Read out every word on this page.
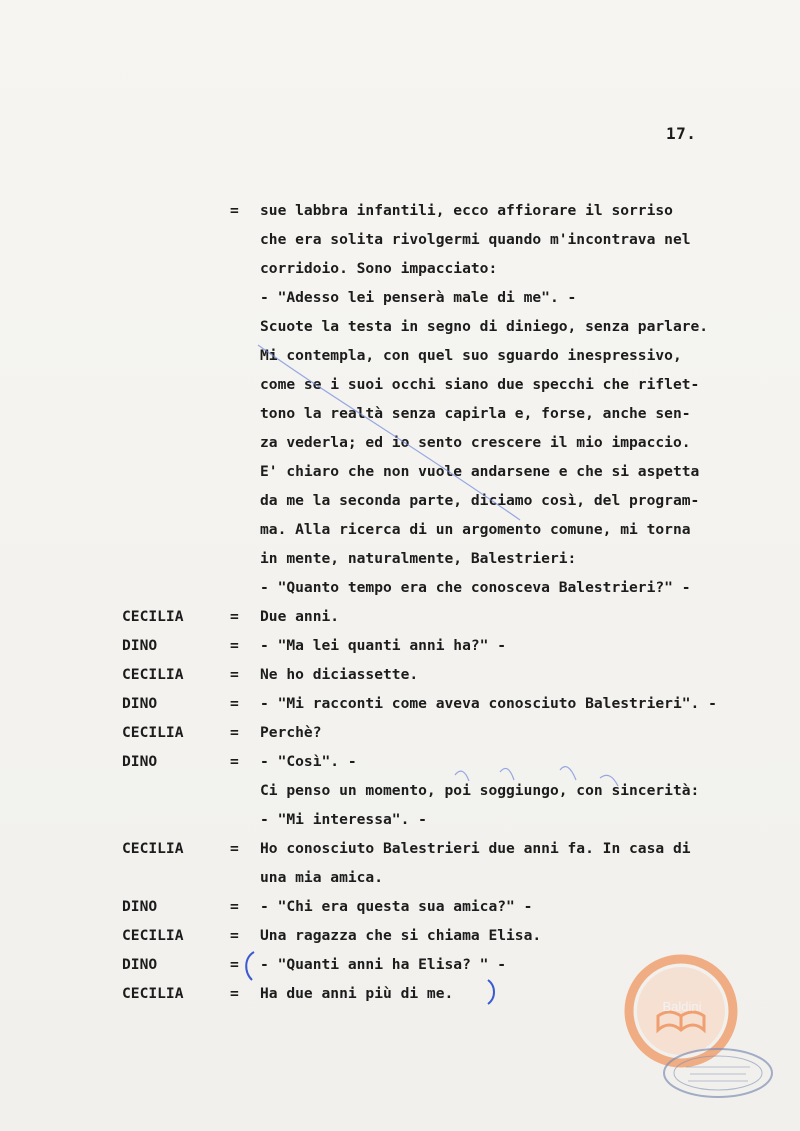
17.
= sue labbra infantili, ecco affiorare il sorriso
che era solita rivolgermi quando m'incontrava nel
corridoio. Sono impacciato:
- "Adesso lei penserà male di me". -
Scuote la testa in segno di diniego, senza parlare.
Mi contempla, con quel suo sguardo inespressivo,
come se i suoi occhi siano due specchi che riflet-
tono la realtà senza capirla e, forse, anche sen-
za vederla; ed io sento crescere il mio impaccio.
E' chiaro che non vuole andarsene e che si aspetta
da me la seconda parte, diciamo così, del program-
ma. Alla ricerca di un argomento comune, mi torna
in mente, naturalmente, Balestrieri:
- "Quanto tempo era che conosceva Balestrieri?" -
CECILIA	= Due anni.
DINO	= - "Ma lei quanti anni ha?" -
CECILIA	= Ne ho diciassette.
DINO	= - "Mi racconti come aveva conosciuto Balestrieri". -
CECILIA	= Perchè?
DINO	= - "Così". -
Ci penso un momento, poi soggiungo, con sincerità:
- "Mi interessa". -
CECILIA	= Ho conosciuto Balestrieri due anni fa. In casa di
una mia amica.
DINO	= - "Chi era questa sua amica?" -
CECILIA	= Una ragazza che si chiama Elisa.
DINO	= - "Quanti anni ha Elisa? " -
CECILIA	= Ha due anni più di me.
Baldini
